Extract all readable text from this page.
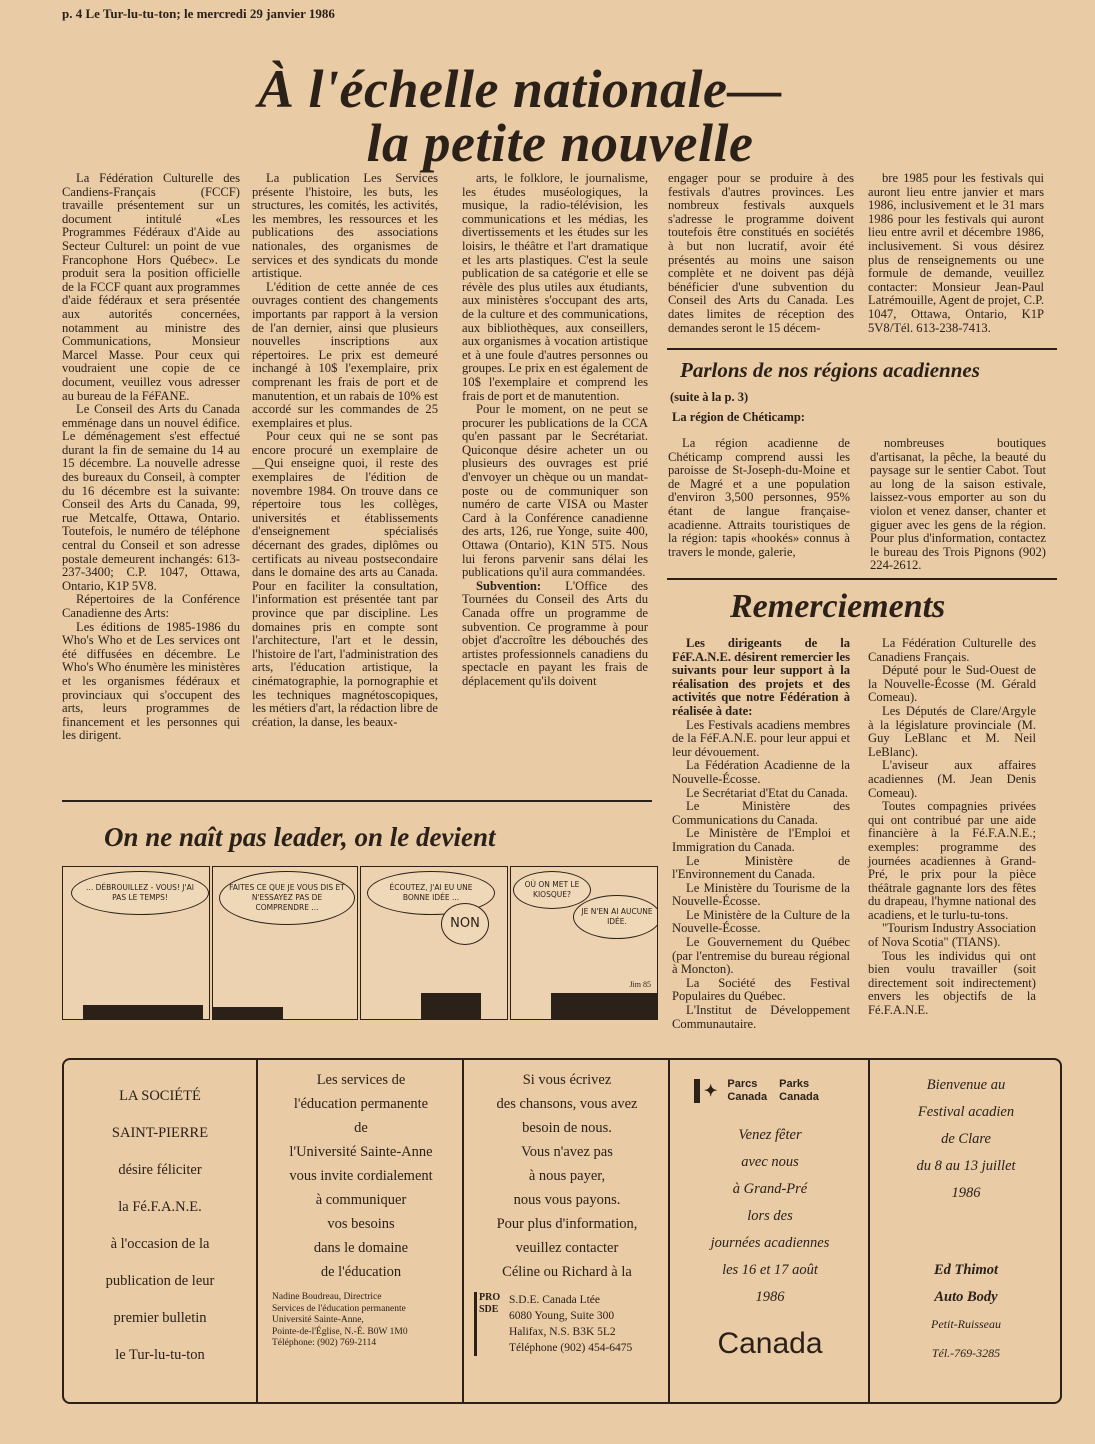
p. 4 Le Tur-lu-tu-ton; le mercredi 29 janvier 1986
À l'échelle nationale—
la petite nouvelle

La Fédération Culturelle des Candiens-Français (FCCF) travaille présentement sur un document intitulé «Les Programmes Fédéraux d'Aide au Secteur Culturel: un point de vue Francophone Hors Québec». Le produit sera la position officielle de la FCCF quant aux programmes d'aide fédéraux et sera présentée aux autorités concernées, notamment au ministre des Communications, Monsieur Marcel Masse. Pour ceux qui voudraient une copie de ce document, veuillez vous adresser au bureau de la FéFANE.

Le Conseil des Arts du Canada emménage dans un nouvel édifice. Le déménagement s'est effectué durant la fin de semaine du 14 au 15 décembre. La nouvelle adresse des bureaux du Conseil, à compter du 16 décembre est la suivante: Conseil des Arts du Canada, 99, rue Metcalfe, Ottawa, Ontario. Toutefois, le numéro de téléphone central du Conseil et son adresse postale demeurent inchangés: 613-237-3400; C.P. 1047, Ottawa, Ontario, K1P 5V8.

Répertoires de la Conférence Canadienne des Arts:

Les éditions de 1985-1986 du Who's Who et de Les services ont été diffusées en décembre. Le Who's Who énumère les ministères et les organismes fédéraux et provinciaux qui s'occupent des arts, leurs programmes de financement et les personnes qui les dirigent.

La publication Les Services présente l'histoire, les buts, les structures, les comités, les activités, les membres, les ressources et les publications des associations nationales, des organismes de services et des syndicats du monde artistique.

L'édition de cette année de ces ouvrages contient des changements importants par rapport à la version de l'an dernier, ainsi que plusieurs nouvelles inscriptions aux répertoires. Le prix est demeuré inchangé à 10$ l'exemplaire, prix comprenant les frais de port et de manutention, et un rabais de 10% est accordé sur les commandes de 25 exemplaires et plus.

Pour ceux qui ne se sont pas encore procuré un exemplaire de __Qui enseigne quoi, il reste des exemplaires de l'édition de novembre 1984. On trouve dans ce répertoire tous les collèges, universités et établissements d'enseignement spécialisés décernant des grades, diplômes ou certificats au niveau postsecondaire dans le domaine des arts au Canada. Pour en faciliter la consultation, l'information est présentée tant par province que par discipline. Les domaines pris en compte sont l'architecture, l'art et le dessin, l'histoire de l'art, l'administration des arts, l'éducation artistique, la cinématographie, la pornographie et les techniques magnétoscopiques, les métiers d'art, la rédaction libre de création, la danse, les beaux-

arts, le folklore, le journalisme, les études muséologiques, la musique, la radio-télévision, les communications et les médias, les divertissements et les études sur les loisirs, le théâtre et l'art dramatique et les arts plastiques. C'est la seule publication de sa catégorie et elle se révèle des plus utiles aux étudiants, aux ministères s'occupant des arts, de la culture et des communications, aux bibliothèques, aux conseillers, aux organismes à vocation artistique et à une foule d'autres personnes ou groupes. Le prix en est également de 10$ l'exemplaire et comprend les frais de port et de manutention.

Pour le moment, on ne peut se procurer les publications de la CCA qu'en passant par le Secrétariat. Quiconque désire acheter un ou plusieurs des ouvrages est prié d'envoyer un chèque ou un mandat-poste ou de communiquer son numéro de carte VISA ou Master Card à la Conférence canadienne des arts, 126, rue Yonge, suite 400, Ottawa (Ontario), K1N 5T5. Nous lui ferons parvenir sans délai les publications qu'il aura commandées.

Subvention: L'Office des Tournées du Conseil des Arts du Canada offre un programme de subvention. Ce programme à pour objet d'accroître les débouchés des artistes professionnels canadiens du spectacle en payant les frais de déplacement qu'ils doivent

engager pour se produire à des festivals d'autres provinces. Les nombreux festivals auxquels s'adresse le programme doivent toutefois être constitués en sociétés à but non lucratif, avoir été présentés au moins une saison complète et ne doivent pas déjà bénéficier d'une subvention du Conseil des Arts du Canada. Les dates limites de réception des demandes seront le 15 décem-

bre 1985 pour les festivals qui auront lieu entre janvier et mars 1986, inclusivement et le 31 mars 1986 pour les festivals qui auront lieu entre avril et décembre 1986, inclusivement. Si vous désirez plus de renseignements ou une formule de demande, veuillez contacter: Monsieur Jean-Paul Latrémouille, Agent de projet, C.P. 1047, Ottawa, Ontario, K1P 5V8/Tél. 613-238-7413.

Parlons de nos régions acadiennes
(suite à la p. 3)
La région de Chéticamp:

La région acadienne de Chéticamp comprend aussi les paroisse de St-Joseph-du-Moine et de Magré et a une population d'environ 3,500 personnes, 95% étant de langue française-acadienne. Attraits touristiques de la région: tapis «hookés» connus à travers le monde, galerie,

nombreuses boutiques d'artisanat, la pêche, la beauté du paysage sur le sentier Cabot. Tout au long de la saison estivale, laissez-vous emporter au son du violon et venez danser, chanter et giguer avec les gens de la région. Pour plus d'information, contactez le bureau des Trois Pignons (902) 224-2612.

Remerciements

Les dirigeants de la FéF.A.N.E. désirent remercier les suivants pour leur support à la réalisation des projets et des activités que notre Fédération à réalisée à date:

Les Festivals acadiens membres de la FéF.A.N.E. pour leur appui et leur dévouement.

La Fédération Acadienne de la Nouvelle-Écosse.

Le Secrétariat d'Etat du Canada.

Le Ministère des Communications du Canada.

Le Ministère de l'Emploi et Immigration du Canada.

Le Ministère de l'Environnement du Canada.

Le Ministère du Tourisme de la Nouvelle-Écosse.

Le Ministère de la Culture de la Nouvelle-Écosse.

Le Gouvernement du Québec (par l'entremise du bureau régional à Moncton).

La Société des Festival Populaires du Québec.

L'Institut de Développement Communautaire.

La Fédération Culturelle des Canadiens Français.

Député pour le Sud-Ouest de la Nouvelle-Écosse (M. Gérald Comeau).

Les Députés de Clare/Argyle à la législature provinciale (M. Guy LeBlanc et M. Neil LeBlanc).

L'aviseur aux affaires acadiennes (M. Jean Denis Comeau).

Toutes compagnies privées qui ont contribué par une aide financière à la Fé.F.A.N.E.; exemples: programme des journées acadiennes à Grand-Pré, le prix pour la pièce théâtrale gagnante lors des fêtes du drapeau, l'hymne national des acadiens, et le turlu-tu-tons.

"Tourism Industry Association of Nova Scotia" (TIANS).

Tous les individus qui ont bien voulu travailler (soit directement soit indirectement) envers les objectifs de la Fé.F.A.N.E.

On ne naît pas leader, on le devient
... DÉBROUILLEZ - VOUS! J'AI PAS LE TEMPS!
FAITES CE QUE JE VOUS DIS ET N'ESSAYEZ PAS DE COMPRENDRE ...
ÉCOUTEZ, J'AI EU UNE BONNE IDÉE ...
NON
OÙ ON MET LE KIOSQUE?
JE N'EN AI AUCUNE IDÉE.
Jim 85
LA SOCIÉTÉ
SAINT-PIERRE
désire féliciter
la Fé.F.A.N.E.
à l'occasion de la
publication de leur
premier bulletin
le Tur-lu-tu-ton
Les services de
l'éducation permanente
de
l'Université Sainte-Anne
vous invite cordialement
à communiquer
vos besoins
dans le domaine
de l'éducation
Nadine Boudreau, Directrice
Services de l'éducation permanente
Université Sainte-Anne,
Pointe-de-l'Église, N.-É. B0W 1M0
Téléphone: (902) 769-2114
Si vous écrivez
des chansons, vous avez
besoin de nous.
Vous n'avez pas
à nous payer,
nous vous payons.
Pour plus d'information,
veuillez contacter
Céline ou Richard à la
PRO SDE
S.D.E. Canada Ltée
6080 Young, Suite 300
Halifax, N.S. B3K 5L2
Téléphone (902) 454-6475
✦ Parcs
Canada
Parks
Canada
Venez fêter
avec nous
à Grand-Pré
lors des
journées acadiennes
les 16 et 17 août
1986
Canada
Bienvenue au
Festival acadien
de Clare
du 8 au 13 juillet
1986
Ed Thimot
Auto Body
Petit-Ruisseau
Tél.-769-3285
